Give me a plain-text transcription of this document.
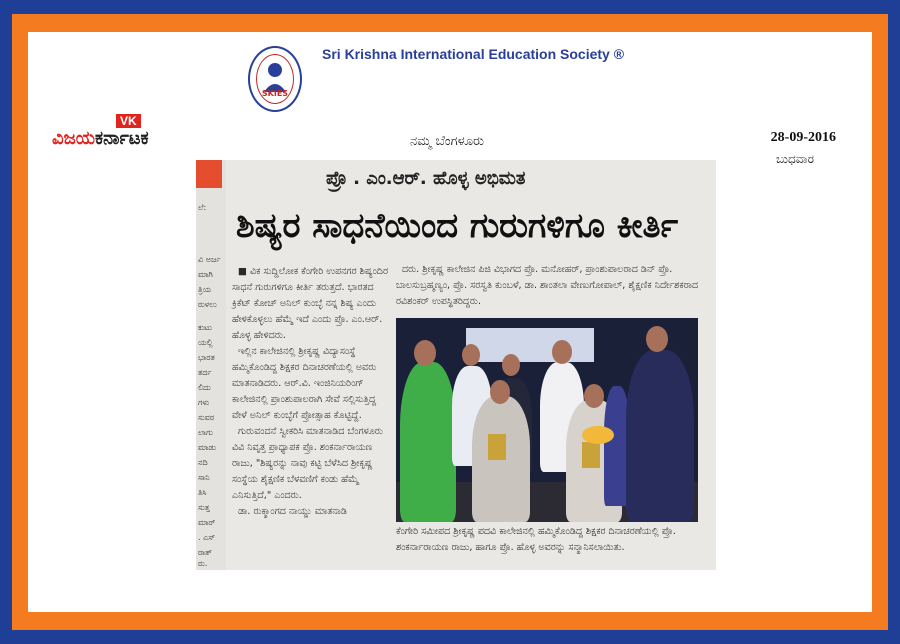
SKIES
Sri Krishna International Education Society ®
VK
ವಿಜಯಕರ್ನಾಟಕ	ನಮ್ಮ ಬೆಂಗಳೂರು	28-09-2016
ಬುಧವಾರ
ಲೆ:
ವಿ ಅರ್ಜ
ಮಾಗಿ
ತ್ರಿಯ
ರುಳಲು
ಕುಟು
ಯಲ್ಲಿ
ಭಾರತ
ತರ್ದ
ಲಿದು
ಗಳು
ಸುವರ
ಲಾಗು
ಮಾಡು
ನದಿ
ಸಾನಿ
ತಿಸಿ
ಸುತ್ತ
ಮಾರ್
. ಎಸ್
ರಾತ್
ರು.
ಪ್ರೊ . ಎಂ.ಆರ್. ಹೊಳ್ಳ ಅಭಿಮತ
ಶಿಷ್ಯರ ಸಾಧನೆಯಿಂದ ಗುರುಗಳಿಗೂ ಕೀರ್ತಿ

■ ವಿಕ ಸುದ್ದಿಲೋಕ ಕೆಂಗೇರಿ ಉಪನಗರ ಶಿಷ್ಯಂದಿರ ಸಾಧನೆ ಗುರುಗಳಿಗೂ ಕೀರ್ತಿ ತರುತ್ತದೆ. ಭಾರತದ ಕ್ರಿಕೆಟ್ ಕೋಚ್ ಅನಿಲ್ ಕುಂಬ್ಳೆ ನನ್ನ ಶಿಷ್ಯ ಎಂದು ಹೇಳಿಕೊಳ್ಳಲು ಹೆಮ್ಮೆ ಇದೆ ಎಂದು ಪ್ರೊ. ಎಂ.ಆರ್. ಹೊಳ್ಳ ಹೇಳಿದರು.

ಇಲ್ಲಿನ ಕಾಲೇಜಿನಲ್ಲಿ ಶ್ರೀಕೃಷ್ಣ ವಿದ್ಯಾಸಂಸ್ಥೆ ಹಮ್ಮಿಕೊಂಡಿದ್ದ ಶಿಕ್ಷಕರ ದಿನಾಚರಣೆಯಲ್ಲಿ ಅವರು ಮಾತನಾಡಿದರು. ಆರ್.ವಿ. ಇಂಜಿನಿಯರಿಂಗ್ ಕಾಲೇಜಿನಲ್ಲಿ ಪ್ರಾಂಶುಪಾಲರಾಗಿ ಸೇವೆ ಸಲ್ಲಿಸುತ್ತಿದ್ದ ವೇಳೆ ಅನಿಲ್ ಕುಂಬ್ಳೆಗೆ ಪ್ರೋತ್ಸಾಹ ಕೊಟ್ಟಿದ್ದೆ.

ಗುರುವಂದನೆ ಸ್ವೀಕರಿಸಿ ಮಾತನಾಡಿದ ಬೆಂಗಳೂರು ವಿವಿ ನಿವೃತ್ತ ಪ್ರಾಧ್ಯಾಪಕ ಪ್ರೊ. ಶಂಕರ್ನಾರಾಯಣ ರಾಜು, "ಶಿಷ್ಯರನ್ನು ನಾವು ಕಟ್ಟಿ ಬೆಳೆಸಿದ ಶ್ರೀಕೃಷ್ಣ ಸಂಸ್ಥೆಯ ಶೈಕ್ಷಣಿಕ ಬೆಳವಣಿಗೆ ಕಂಡು ಹೆಮ್ಮೆ ಎನಿಸುತ್ತಿದೆ," ಎಂದರು.

ಡಾ. ರುಕ್ಮಾಂಗದ ನಾಯ್ಡು ಮಾತನಾಡಿ

ದರು. ಶ್ರೀಕೃಷ್ಣ ಕಾಲೇಜಿನ ಪಿಜಿ ವಿಭಾಗದ ಪ್ರೊ. ಮನೋಹರ್, ಪ್ರಾಂಶುಪಾಲರಾದ ಡಿನ್ ಪ್ರೊ. ಬಾಲಸುಬ್ರಹ್ಮಣ್ಯಂ, ಪ್ರೊ. ಸರಸ್ವತಿ ಕುಂಬಳೆ, ಡಾ. ಶಾಂತಲಾ ವೇಣುಗೋಪಾಲ್, ಶೈಕ್ಷಣಿಕ ನಿರ್ದೇಶಕರಾದ ರವಿಶಂಕರ್ ಉಪಸ್ಥಿತರಿದ್ದರು.

ಕೆಂಗೇರಿ ಸಮೀಪದ ಶ್ರೀಕೃಷ್ಣ ಪದವಿ ಕಾಲೇಜಿನಲ್ಲಿ ಹಮ್ಮಿಕೊಂಡಿದ್ದ ಶಿಕ್ಷಕರ ದಿನಾಚರಣೆಯಲ್ಲಿ ಪ್ರೊ. ಶಂಕರ್ನಾರಾಯಣ ರಾಜು, ಹಾಗೂ ಪ್ರೊ. ಹೊಳ್ಳ ಅವರನ್ನು ಸನ್ಮಾನಿಸಲಾಯಿತು.
